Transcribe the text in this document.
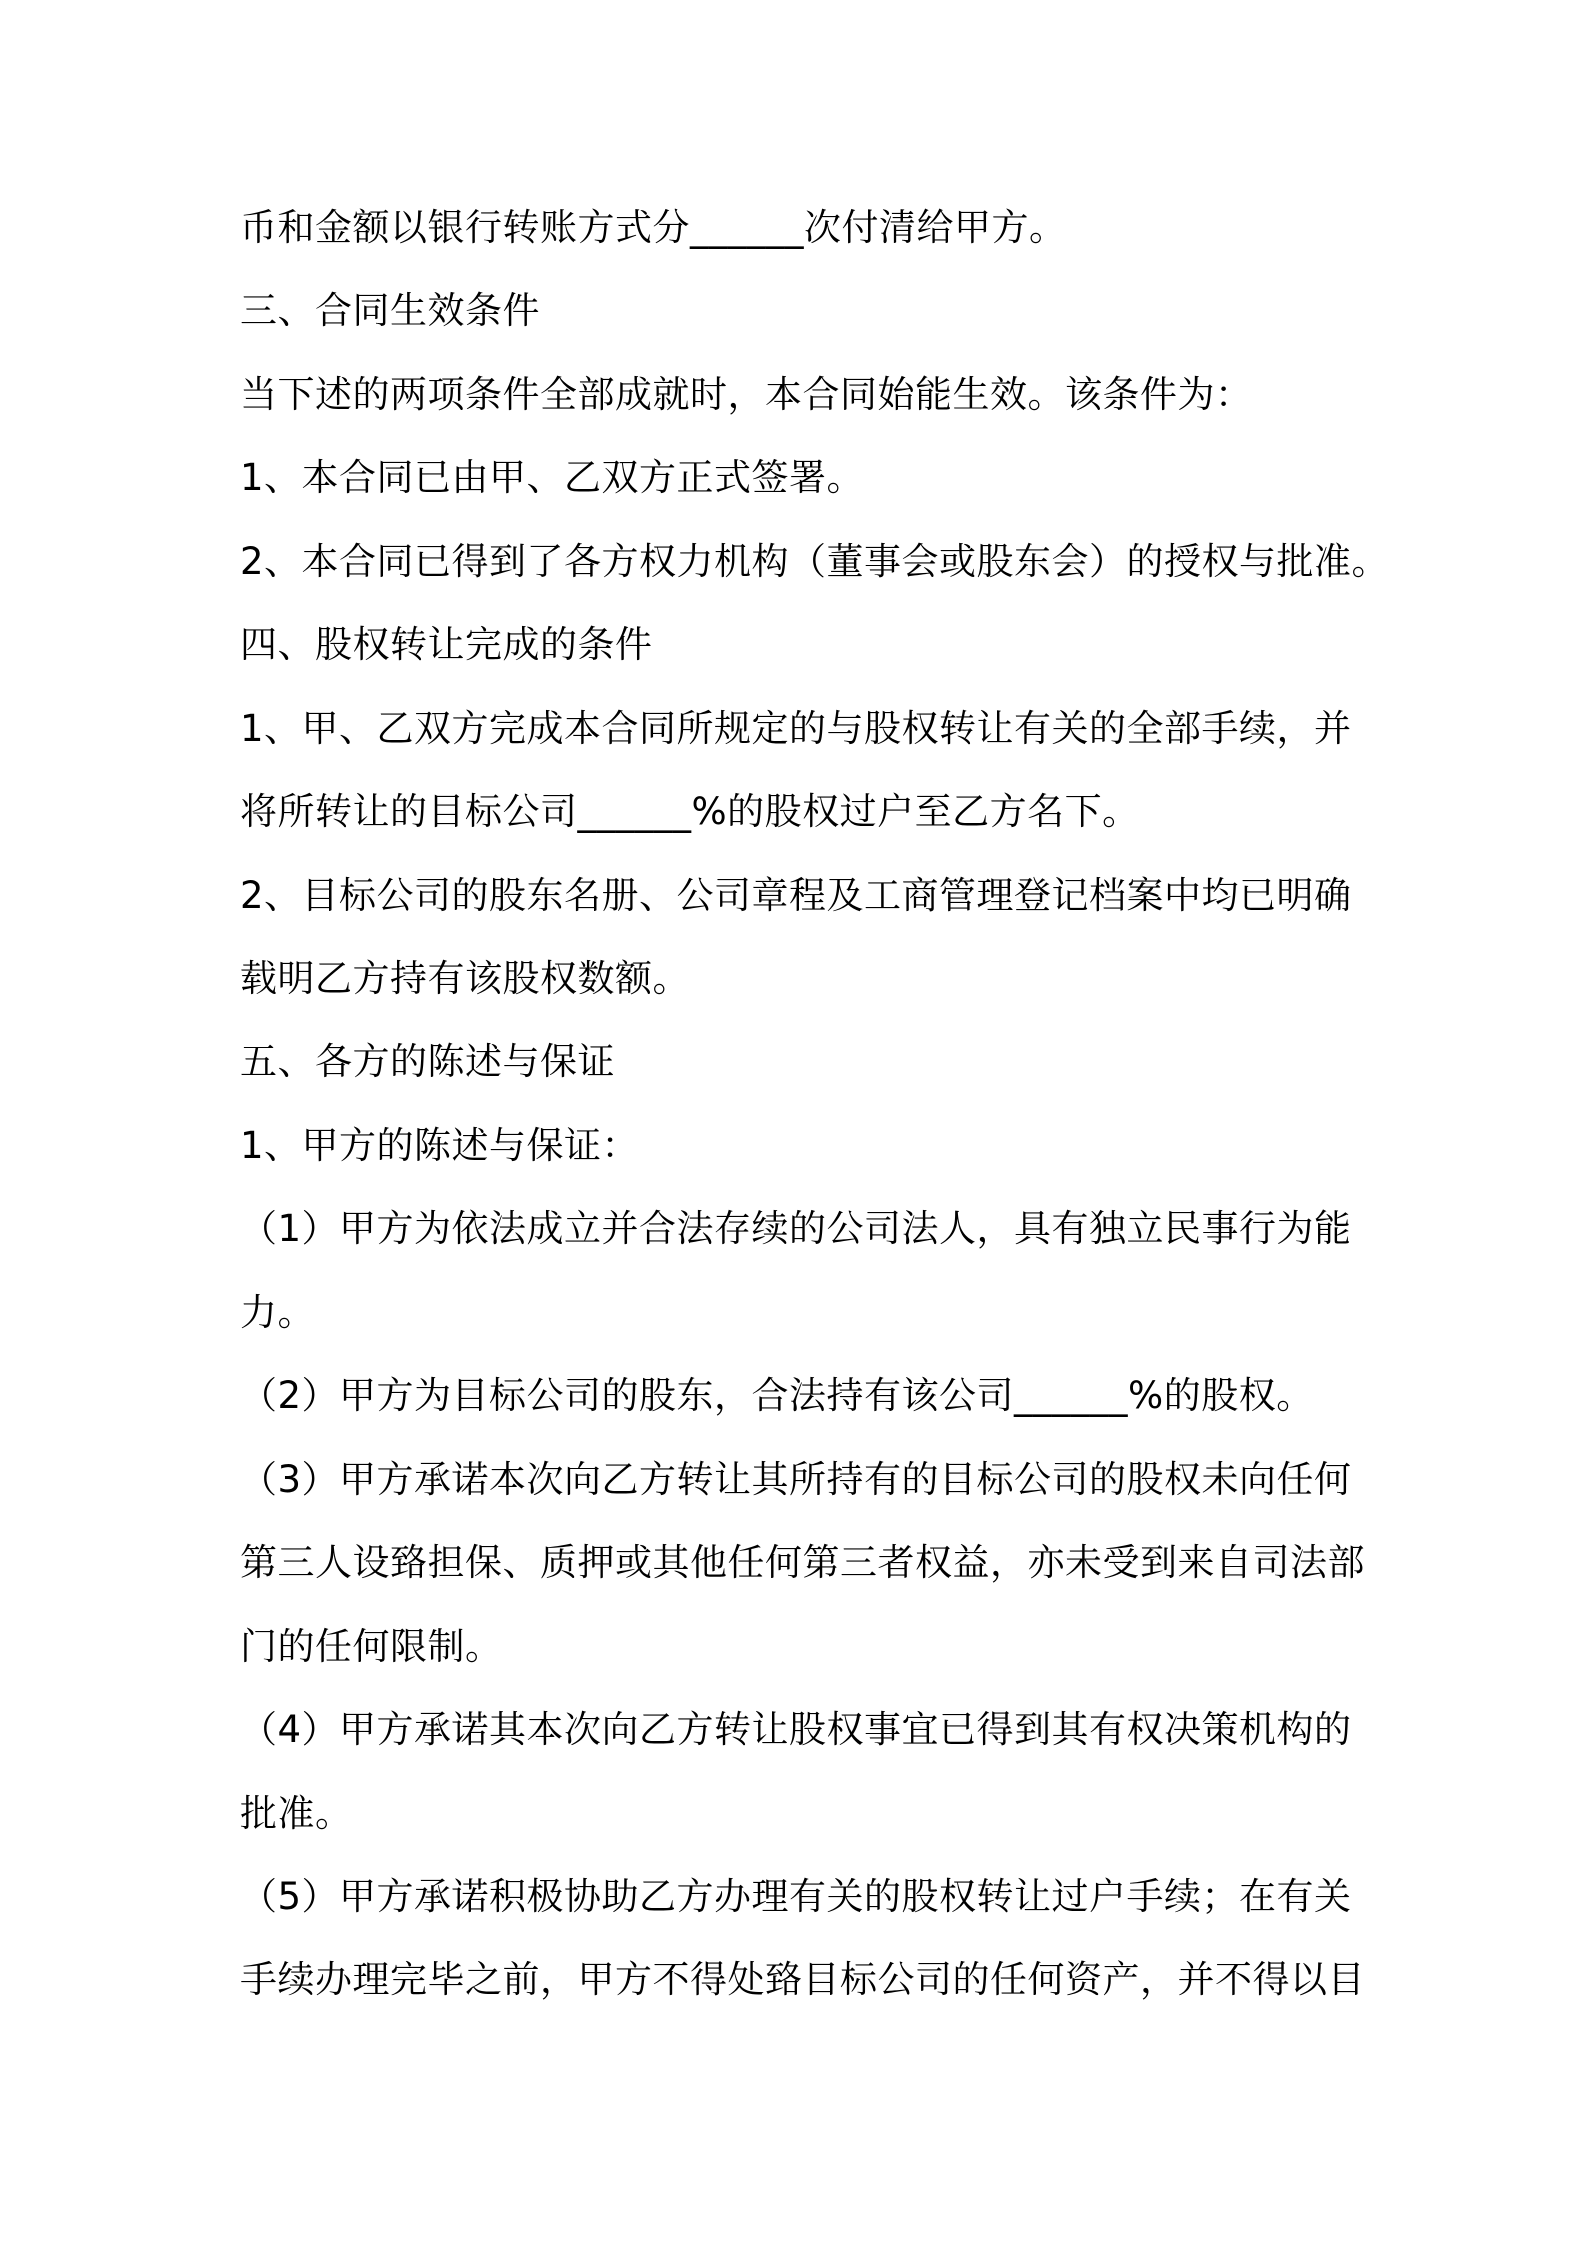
币和金额以银行转账方式分______次付清给甲方。
三、合同生效条件
当下述的两项条件全部成就时，本合同始能生效。该条件为：
1、本合同已由甲、乙双方正式签署。
2、本合同已得到了各方权力机构（董事会或股东会）的授权与批准。
四、股权转让完成的条件
1、甲、乙双方完成本合同所规定的与股权转让有关的全部手续，并
将所转让的目标公司______%的股权过户至乙方名下。
2、目标公司的股东名册、公司章程及工商管理登记档案中均已明确
载明乙方持有该股权数额。
五、各方的陈述与保证
1、甲方的陈述与保证：
（1）甲方为依法成立并合法存续的公司法人，具有独立民事行为能
力。
（2）甲方为目标公司的股东，合法持有该公司______%的股权。
（3）甲方承诺本次向乙方转让其所持有的目标公司的股权未向任何
第三人设臵担保、质押或其他任何第三者权益，亦未受到来自司法部
门的任何限制。
（4）甲方承诺其本次向乙方转让股权事宜已得到其有权决策机构的
批准。
（5）甲方承诺积极协助乙方办理有关的股权转让过户手续；在有关
手续办理完毕之前，甲方不得处臵目标公司的任何资产，并不得以目
